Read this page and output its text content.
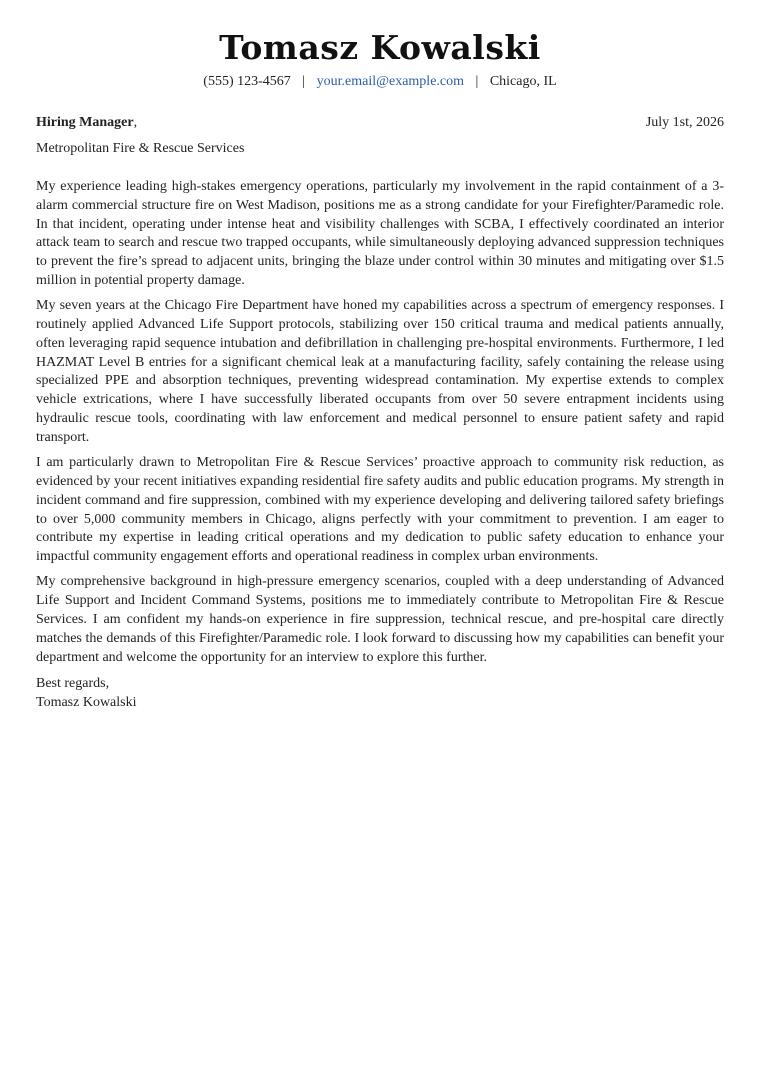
Tomasz Kowalski
(555) 123-4567 | your.email@example.com | Chicago, IL
Hiring Manager,	July 1st, 2026
Metropolitan Fire & Rescue Services

My experience leading high-stakes emergency operations, particularly my involvement in the rapid containment of a 3-alarm commercial structure fire on West Madison, positions me as a strong candidate for your Firefighter/​Paramedic role. In that incident, operating under intense heat and visibility challenges with SCBA, I effectively coordinated an interior attack team to search and rescue two trapped occupants, while simultaneously deploying advanced suppression techniques to prevent the fire’s spread to adjacent units, bringing the blaze under control within 30 minutes and mitigating over $1.5 million in potential property damage.

My seven years at the Chicago Fire Department have honed my capabilities across a spectrum of emergency responses. I routinely applied Advanced Life Support protocols, stabilizing over 150 critical trauma and medical patients annually, often leveraging rapid sequence intubation and defibrillation in challenging pre-hospital environments. Furthermore, I led HAZMAT Level B entries for a significant chemical leak at a manufacturing facility, safely containing the release using specialized PPE and absorption techniques, preventing widespread contamination. My expertise extends to complex vehicle extrications, where I have successfully liberated occupants from over 50 severe entrapment incidents using hydraulic rescue tools, coordinating with law enforcement and medical personnel to ensure patient safety and rapid transport.

I am particularly drawn to Metropolitan Fire & Rescue Services’ proactive approach to community risk reduction, as evidenced by your recent initiatives expanding residential fire safety audits and public education programs. My strength in incident command and fire suppression, combined with my experience developing and delivering tailored safety briefings to over 5,000 community members in Chicago, aligns perfectly with your commitment to prevention. I am eager to contribute my expertise in leading critical operations and my dedication to public safety education to enhance your impactful community engagement efforts and operational readiness in complex urban environments.

My comprehensive background in high-pressure emergency scenarios, coupled with a deep understanding of Advanced Life Support and Incident Command Systems, positions me to immediately contribute to Metropolitan Fire & Rescue Services. I am confident my hands-on experience in fire suppression, technical rescue, and pre-hospital care directly matches the demands of this Firefighter/Paramedic role. I look forward to discussing how my capabilities can benefit your department and welcome the opportunity for an interview to explore this further.

Best regards,
Tomasz Kowalski
